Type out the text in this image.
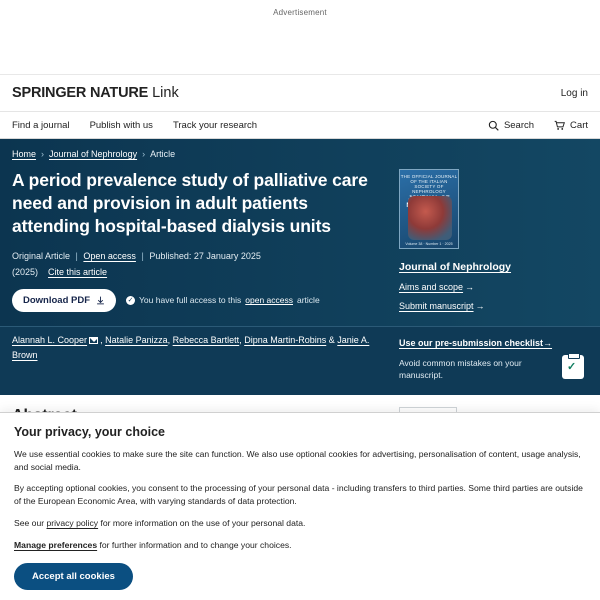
Advertisement
SPRINGER NATURE Link	Log in
Find a journal Publish with us Track your research	Search	Cart
Home › Journal of Nephrology › Article
A period prevalence study of palliative care need and provision in adult patients attending hospital-based dialysis units
Original Article | Open access | Published: 27 January 2025
(2025) Cite this article
Download PDF	✓ You have full access to this open access article
THE OFFICIAL JOURNAL OF THE ITALIAN SOCIETY OF NEPHROLOGY
Volume 38 · Number 1 · 2025
Journal of Nephrology
Aims and scope →
Submit manuscript →
Alannah L. Cooper , Natalie Panizza, Rebecca Bartlett, Dipna Martin-Robins & Janie A. Brown
Use our pre-submission checklist→
Avoid common mistakes on your manuscript.
✓
Your privacy, your choice
We use essential cookies to make sure the site can function. We also use optional cookies for advertising, personalisation of content, usage analysis, and social media.
By accepting optional cookies, you consent to the processing of your personal data - including transfers to third parties. Some third parties are outside of the European Economic Area, with varying standards of data protection.
See our privacy policy for more information on the use of your personal data.
Manage preferences for further information and to change your choices.
Accept all cookies
